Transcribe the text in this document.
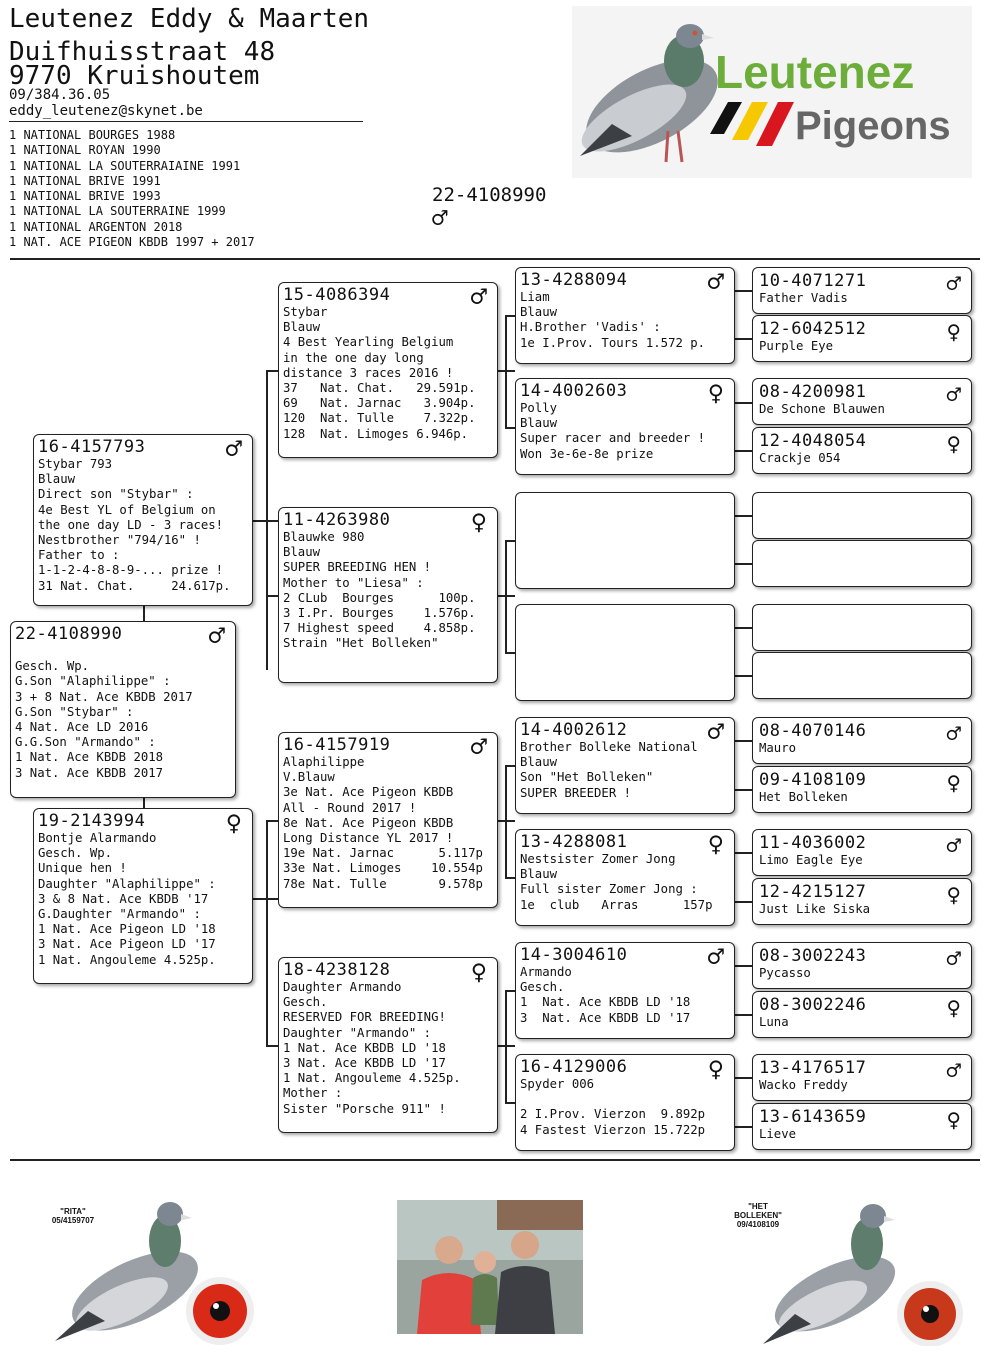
Leutenez Eddy & Maarten
Duifhuisstraat 48
9770 Kruishoutem
09/384.36.05
eddy_leutenez@skynet.be
1 NATIONAL BOURGES 1988
1 NATIONAL ROYAN 1990
1 NATIONAL LA SOUTERRAIAINE 1991
1 NATIONAL BRIVE 1991
1 NATIONAL BRIVE 1993
1 NATIONAL LA SOUTERRAINE 1999
1 NATIONAL ARGENTON 2018
1 NAT. ACE PIGEON KBDB 1997 + 2017
22-4108990
♂
Leutenez
Pigeons
22-4108990	♂

Gesch. Wp.
G.Son "Alaphilippe" :
3 + 8 Nat. Ace KBDB 2017
G.Son "Stybar" :
4 Nat. Ace LD 2016
G.G.Son "Armando" :
1 Nat. Ace KBDB 2018
3 Nat. Ace KBDB 2017
16-4157793	♂
Stybar 793
Blauw
Direct son "Stybar" :
4e Best YL of Belgium on
the one day LD - 3 races!
Nestbrother "794/16" !
Father to :
1-1-2-4-8-8-9-... prize !
31 Nat. Chat.     24.617p.
19-2143994	♀
Bontje Alarmando
Gesch. Wp.
Unique hen !
Daughter "Alaphilippe" :
3 & 8 Nat. Ace KBDB '17
G.Daughter "Armando" :
1 Nat. Ace Pigeon LD '18
3 Nat. Ace Pigeon LD '17
1 Nat. Angouleme 4.525p.
15-4086394	♂
Stybar
Blauw
4 Best Yearling Belgium
in the one day long
distance 3 races 2016 !
37   Nat. Chat.   29.591p.
69   Nat. Jarnac   3.904p.
120  Nat. Tulle    7.322p.
128  Nat. Limoges 6.946p.
11-4263980	♀
Blauwke 980
Blauw
SUPER BREEDING HEN !
Mother to "Liesa" :
2 CLub  Bourges      100p.
3 I.Pr. Bourges    1.576p.
7 Highest speed    4.858p.
Strain "Het Bolleken"
16-4157919	♂
Alaphilippe
V.Blauw
3e Nat. Ace Pigeon KBDB
All - Round 2017 !
8e Nat. Ace Pigeon KBDB
Long Distance YL 2017 !
19e Nat. Jarnac      5.117p
33e Nat. Limoges    10.554p
78e Nat. Tulle       9.578p
18-4238128	♀
Daughter Armando
Gesch.
RESERVED FOR BREEDING!
Daughter "Armando" :
1 Nat. Ace KBDB LD '18
3 Nat. Ace KBDB LD '17
1 Nat. Angouleme 4.525p.
Mother :
Sister "Porsche 911" !
13-4288094	♂
Liam
Blauw
H.Brother 'Vadis' :
1e I.Prov. Tours 1.572 p.
14-4002603	♀
Polly
Blauw
Super racer and breeder !
Won 3e-6e-8e prize
14-4002612	♂
Brother Bolleke National
Blauw
Son "Het Bolleken"
SUPER BREEDER !
13-4288081	♀
Nestsister Zomer Jong
Blauw
Full sister Zomer Jong :
1e  club   Arras      157p
14-3004610	♂
Armando
Gesch.
1  Nat. Ace KBDB LD '18
3  Nat. Ace KBDB LD '17
16-4129006	♀
Spyder 006

2 I.Prov. Vierzon  9.892p
4 Fastest Vierzon 15.722p
10-4071271	♂
Father Vadis
12-6042512	♀
Purple Eye
08-4200981	♂
De Schone Blauwen
12-4048054	♀
Crackje 054
08-4070146	♂
Mauro
09-4108109	♀
Het Bolleken
11-4036002	♂
Limo Eagle Eye
12-4215127	♀
Just Like Siska
08-3002243	♂
Pycasso
08-3002246	♀
Luna
13-4176517	♂
Wacko Freddy
13-6143659	♀
Lieve
"RITA"
05/4159707
"HET BOLLEKEN"
09/4108109
